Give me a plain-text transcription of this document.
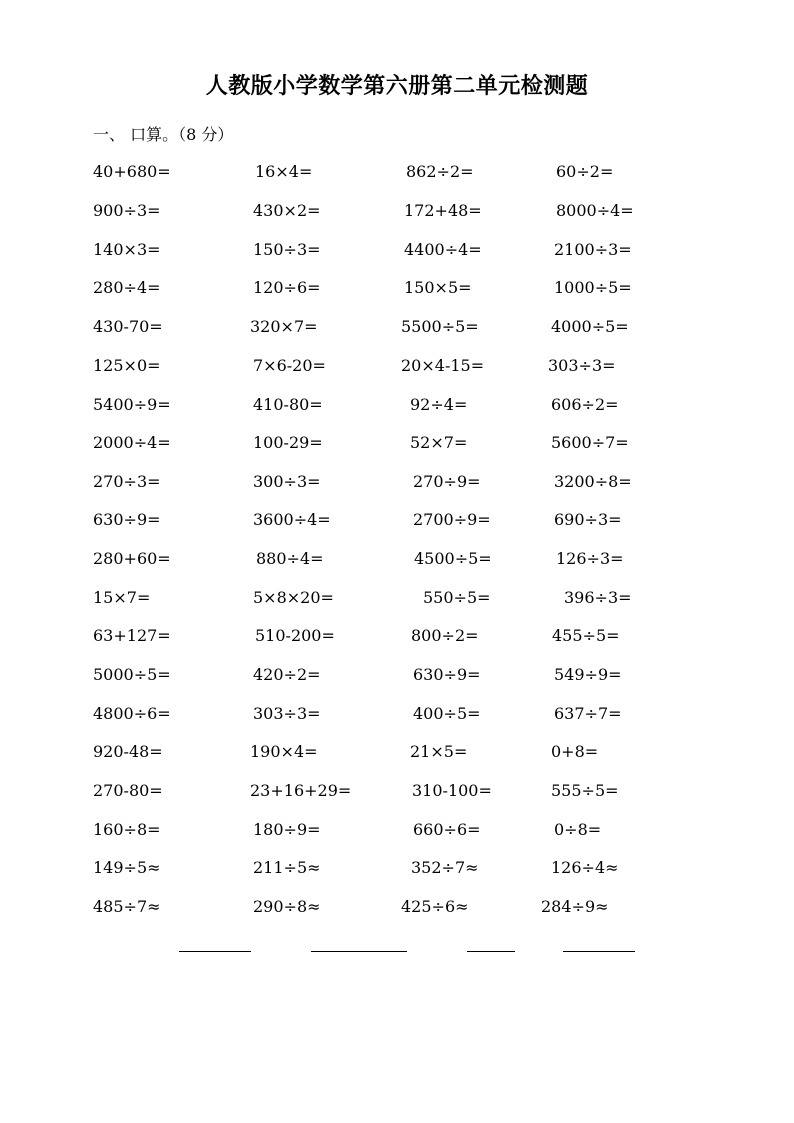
人教版小学数学第六册第二单元检测题
一、 口算。（8 分）
40+680=	16×4=	862÷2=	60÷2=
900÷3=	430×2=	172+48=	8000÷4=
140×3=	150÷3=	4400÷4=	2100÷3=
280÷4=	120÷6=	150×5=	1000÷5=
430-70=	320×7=	5500÷5=	4000÷5=
125×0=	7×6-20=	20×4-15=	303÷3=
5400÷9=	410-80=	92÷4=	606÷2=
2000÷4=	100-29=	52×7=	5600÷7=
270÷3=	300÷3=	270÷9=	3200÷8=
630÷9=	3600÷4=	2700÷9=	690÷3=
280+60=	880÷4=	4500÷5=	126÷3=
15×7=	5×8×20=	550÷5=	396÷3=
63+127=	510-200=	800÷2=	455÷5=
5000÷5=	420÷2=	630÷9=	549÷9=
4800÷6=	303÷3=	400÷5=	637÷7=
920-48=	190×4=	21×5=	0+8=
270-80=	23+16+29=	310-100=	555÷5=
160÷8=	180÷9=	660÷6=	0÷8=
149÷5≈	211÷5≈	352÷7≈	126÷4≈
485÷7≈	290÷8≈	425÷6≈	284÷9≈
